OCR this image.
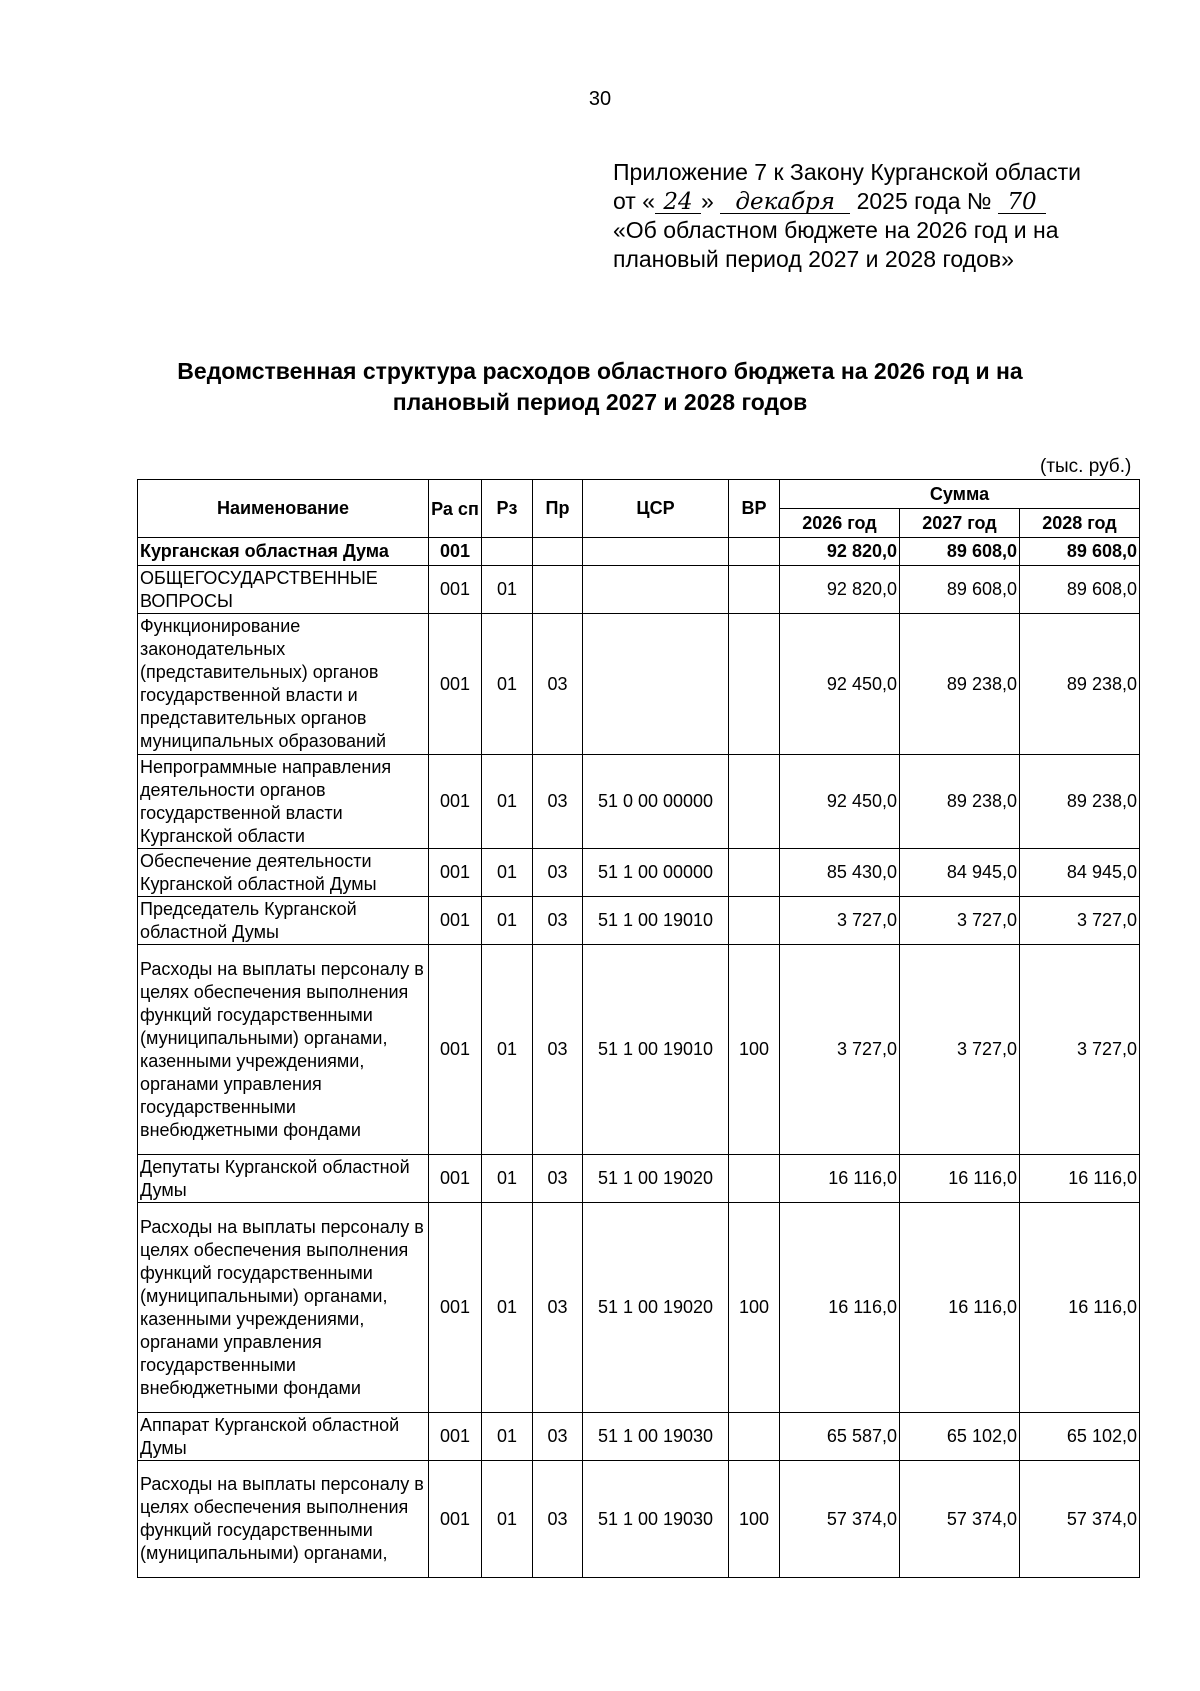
30
Приложение 7 к Закону Курганской области
от « 24 » декабря 2025 года № 70
«Об областном бюджете на 2026 год и на
плановый период 2027 и 2028 годов»
Ведомственная структура расходов областного бюджета на 2026 год и на
плановый период 2027 и 2028 годов
(тыс. руб.)
Наименование	Ра сп	Рз	Пр	ЦСР	ВР	Сумма		
						2026 год	2027 год	2028 год
Курганская областная Дума	001					92 820,0	89 608,0	89 608,0
ОБЩЕГОСУДАРСТВЕННЫЕ ВОПРОСЫ	001	01				92 820,0	89 608,0	89 608,0
Функционирование законодательных (представительных) органов государственной власти и представительных органов муниципальных образований	001	01	03			92 450,0	89 238,0	89 238,0
Непрограммные направления деятельности органов государственной власти Курганской области	001	01	03	51 0 00 00000		92 450,0	89 238,0	89 238,0
Обеспечение деятельности Курганской областной Думы	001	01	03	51 1 00 00000		85 430,0	84 945,0	84 945,0
Председатель Курганской областной Думы	001	01	03	51 1 00 19010		3 727,0	3 727,0	3 727,0
Расходы на выплаты персоналу в целях обеспечения выполнения функций государственными (муниципальными) органами, казенными учреждениями, органами управления государственными внебюджетными фондами	001	01	03	51 1 00 19010	100	3 727,0	3 727,0	3 727,0
Депутаты Курганской областной Думы	001	01	03	51 1 00 19020		16 116,0	16 116,0	16 116,0
Расходы на выплаты персоналу в целях обеспечения выполнения функций государственными (муниципальными) органами, казенными учреждениями, органами управления государственными внебюджетными фондами	001	01	03	51 1 00 19020	100	16 116,0	16 116,0	16 116,0
Аппарат Курганской областной Думы	001	01	03	51 1 00 19030		65 587,0	65 102,0	65 102,0
Расходы на выплаты персоналу в целях обеспечения выполнения функций государственными (муниципальными) органами,	001	01	03	51 1 00 19030	100	57 374,0	57 374,0	57 374,0
